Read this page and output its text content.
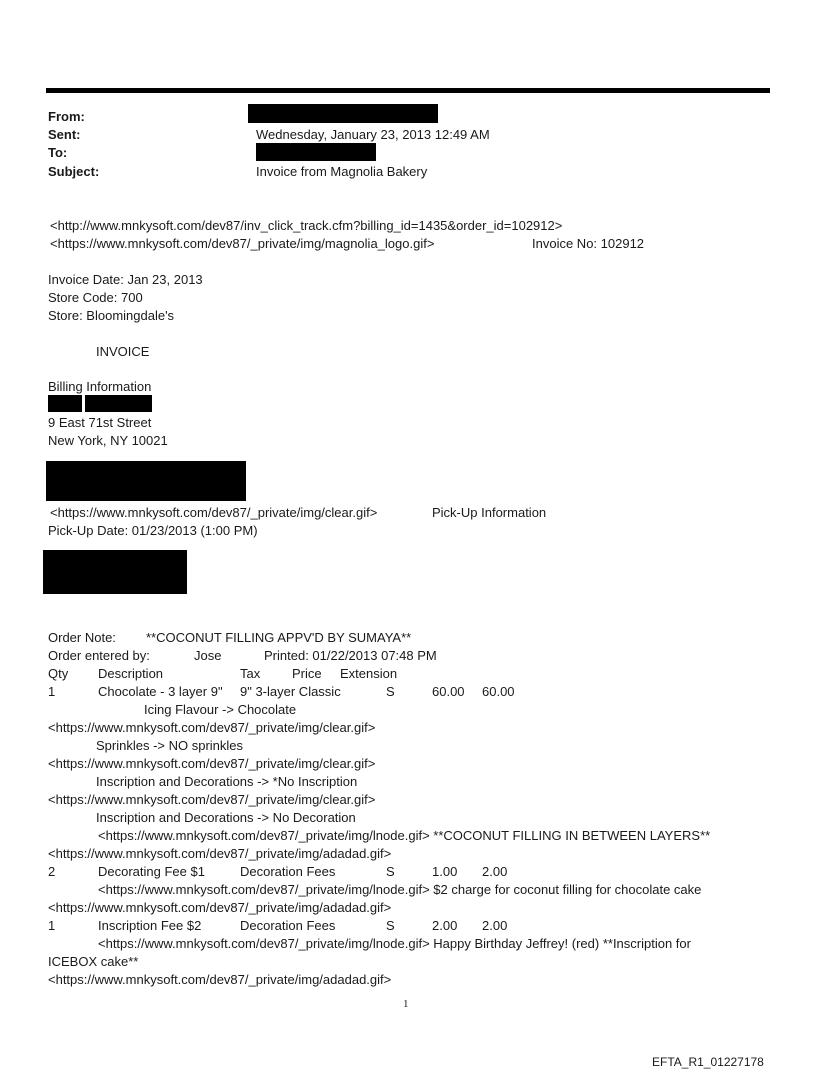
From:
Sent:	Wednesday, January 23, 2013 12:49 AM
To:
Subject:	Invoice from Magnolia Bakery
<http://www.mnkysoft.com/dev87/inv_click_track.cfm?billing_id=1435&order_id=102912>
<https://www.mnkysoft.com/dev87/_private/img/magnolia_logo.gif>	Invoice No: 102912
Invoice Date: Jan 23, 2013
Store Code: 700
Store: Bloomingdale's
INVOICE
Billing Information
9 East 71st Street
New York, NY 10021
<https://www.mnkysoft.com/dev87/_private/img/clear.gif>	Pick-Up Information
Pick-Up Date: 01/23/2013 (1:00 PM)
Order Note: **COCONUT FILLING APPV'D BY SUMAYA**
Order entered by:	Jose	Printed: 01/22/2013 07:48 PM
Qty Description	Tax Price Extension
1	Chocolate - 3 layer 9" 9" 3-layer Classic	S	60.00 60.00
Icing Flavour -> Chocolate
<https://www.mnkysoft.com/dev87/_private/img/clear.gif>
Sprinkles -> NO sprinkles
<https://www.mnkysoft.com/dev87/_private/img/clear.gif>
Inscription and Decorations -> *No Inscription
<https://www.mnkysoft.com/dev87/_private/img/clear.gif>
Inscription and Decorations -> No Decoration
<https://www.mnkysoft.com/dev87/_private/img/lnode.gif> **COCONUT FILLING IN BETWEEN LAYERS**
<https://www.mnkysoft.com/dev87/_private/img/adadad.gif>
2	Decorating Fee $1	Decoration Fees	S	1.00 2.00
<https://www.mnkysoft.com/dev87/_private/img/lnode.gif> $2 charge for coconut filling for chocolate cake
<https://www.mnkysoft.com/dev87/_private/img/adadad.gif>
1	Inscription Fee $2	Decoration Fees	S	2.00 2.00
<https://www.mnkysoft.com/dev87/_private/img/lnode.gif> Happy Birthday Jeffrey! (red) **Inscription for
ICEBOX cake**
<https://www.mnkysoft.com/dev87/_private/img/adadad.gif>
1
EFTA_R1_01227178
